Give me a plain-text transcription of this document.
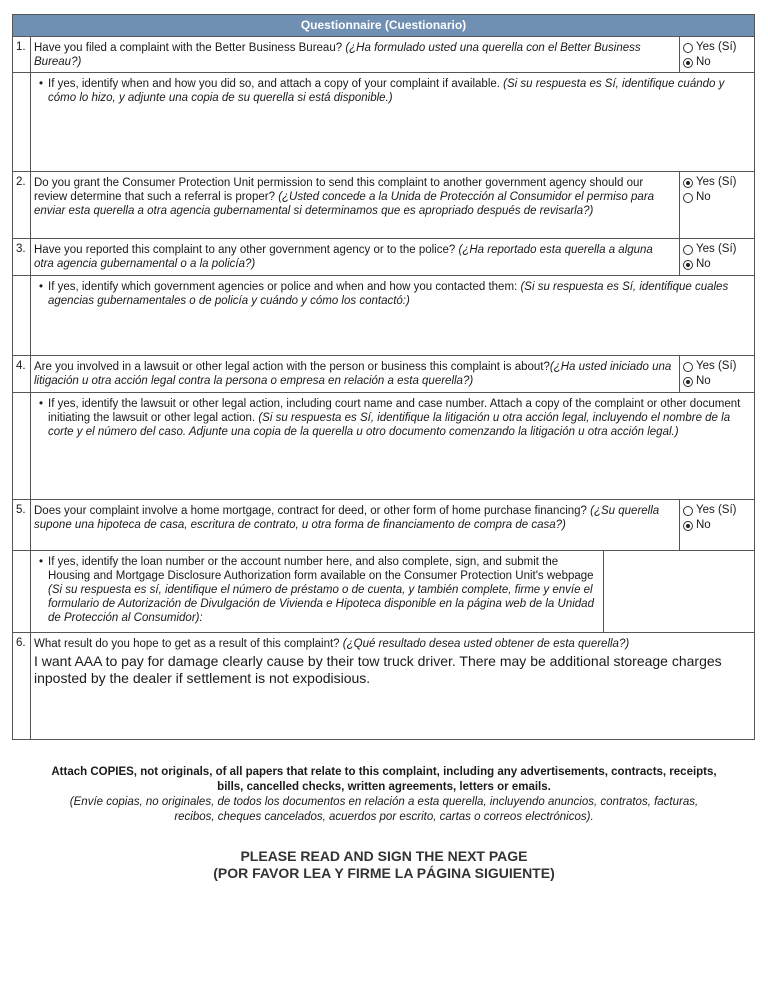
Questionnaire (Cuestionario)
1. Have you filed a complaint with the Better Business Bureau? (¿Ha formulado usted una querella con el Better Business Bureau?)
Yes (Sí)
No
• If yes, identify when and how you did so, and attach a copy of your complaint if available. (Si su respuesta es Sí, identifique cuándo y cómo lo hizo, y adjunte una copia de su querella si está disponible.)
2. Do you grant the Consumer Protection Unit permission to send this complaint to another government agency should our review determine that such a referral is proper? (¿Usted concede a la Unida de Protección al Consumidor el permiso para enviar esta querella a otra agencia gubernamental si determinamos que es apropriado después de revisarla?)
Yes (Sí)
No
3. Have you reported this complaint to any other government agency or to the police? (¿Ha reportado esta querella a alguna otra agencia gubernamental o a la policía?)
Yes (Sí)
No
• If yes, identify which government agencies or police and when and how you contacted them: (Si su respuesta es Sí, identifique cuales agencias gubernamentales o de policía y cuándo y cómo los contactó:)
4. Are you involved in a lawsuit or other legal action with the person or business this complaint is about?(¿Ha usted iniciado una litigación u otra acción legal contra la persona o empresa en relación a esta querella?)
Yes (Sí)
No
• If yes, identify the lawsuit or other legal action, including court name and case number. Attach a copy of the complaint or other document initiating the lawsuit or other legal action. (Si su respuesta es Sí, identifique la litigación u otra acción legal, incluyendo el nombre de la corte y el número del caso. Adjunte una copia de la querella u otro documento comenzando la litigación u otra acción legal.)
5. Does your complaint involve a home mortgage, contract for deed, or other form of home purchase financing? (¿Su querella supone una hipoteca de casa, escritura de contrato, u otra forma de financiamento de compra de casa?)
Yes (Sí)
No
• If yes, identify the loan number or the account number here, and also complete, sign, and submit the Housing and Mortgage Disclosure Authorization form available on the Consumer Protection Unit's webpage (Si su respuesta es sí, identifique el número de préstamo o de cuenta, y también complete, firme y envíe el formulario de Autorización de Divulgación de Vivienda e Hipoteca disponible en la página web de la Unidad de Protección al Consumidor):
6. What result do you hope to get as a result of this complaint? (¿Qué resultado desea usted obtener de esta querella?)
I want AAA to pay for damage clearly cause by their tow truck driver. There may be additional storeage charges inposted by the dealer if settlement is not expodisious.
Attach COPIES, not originals, of all papers that relate to this complaint, including any advertisements, contracts, receipts, bills, cancelled checks, written agreements, letters or emails.
(Envíe copias, no originales, de todos los documentos en relación a esta querella, incluyendo anuncios, contratos, facturas, recibos, cheques cancelados, acuerdos por escrito, cartas o correos electrónicos).
PLEASE READ AND SIGN THE NEXT PAGE
(POR FAVOR LEA Y FIRME LA PÁGINA SIGUIENTE)
